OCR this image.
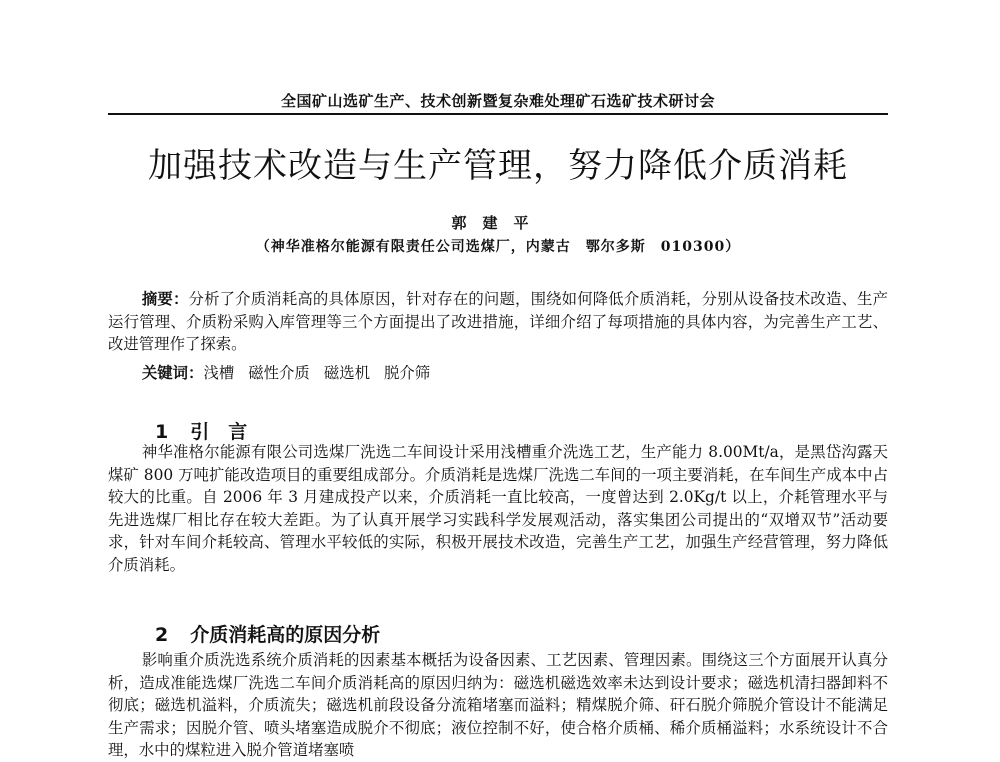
全国矿山选矿生产、技术创新暨复杂难处理矿石选矿技术研讨会
加强技术改造与生产管理，努力降低介质消耗
郭建平
（神华准格尔能源有限责任公司选煤厂，内蒙古　鄂尔多斯　010300）

摘要：分析了介质消耗高的具体原因，针对存在的问题，围绕如何降低介质消耗，分别从设备技术改造、生产运行管理、介质粉采购入库管理等三个方面提出了改进措施，详细介绍了每项措施的具体内容，为完善生产工艺、改进管理作了探索。

关键词：浅槽 磁性介质 磁选机 脱介筛

1 引　言

神华准格尔能源有限公司选煤厂洗选二车间设计采用浅槽重介洗选工艺，生产能力 8.00Mt/a，是黑岱沟露天煤矿 800 万吨扩能改造项目的重要组成部分。介质消耗是选煤厂洗选二车间的一项主要消耗，在车间生产成本中占较大的比重。自 2006 年 3 月建成投产以来，介质消耗一直比较高，一度曾达到 2.0Kg/t 以上，介耗管理水平与先进选煤厂相比存在较大差距。为了认真开展学习实践科学发展观活动，落实集团公司提出的“双增双节”活动要求，针对车间介耗较高、管理水平较低的实际，积极开展技术改造，完善生产工艺，加强生产经营管理，努力降低介质消耗。

2 介质消耗高的原因分析

影响重介质洗选系统介质消耗的因素基本概括为设备因素、工艺因素、管理因素。围绕这三个方面展开认真分析，造成准能选煤厂洗选二车间介质消耗高的原因归纳为：磁选机磁选效率未达到设计要求；磁选机清扫器卸料不彻底；磁选机溢料，介质流失；磁选机前段设备分流箱堵塞而溢料；精煤脱介筛、矸石脱介筛脱介管设计不能满足生产需求；因脱介管、喷头堵塞造成脱介不彻底；液位控制不好，使合格介质桶、稀介质桶溢料；水系统设计不合理，水中的煤粒进入脱介管道堵塞喷
